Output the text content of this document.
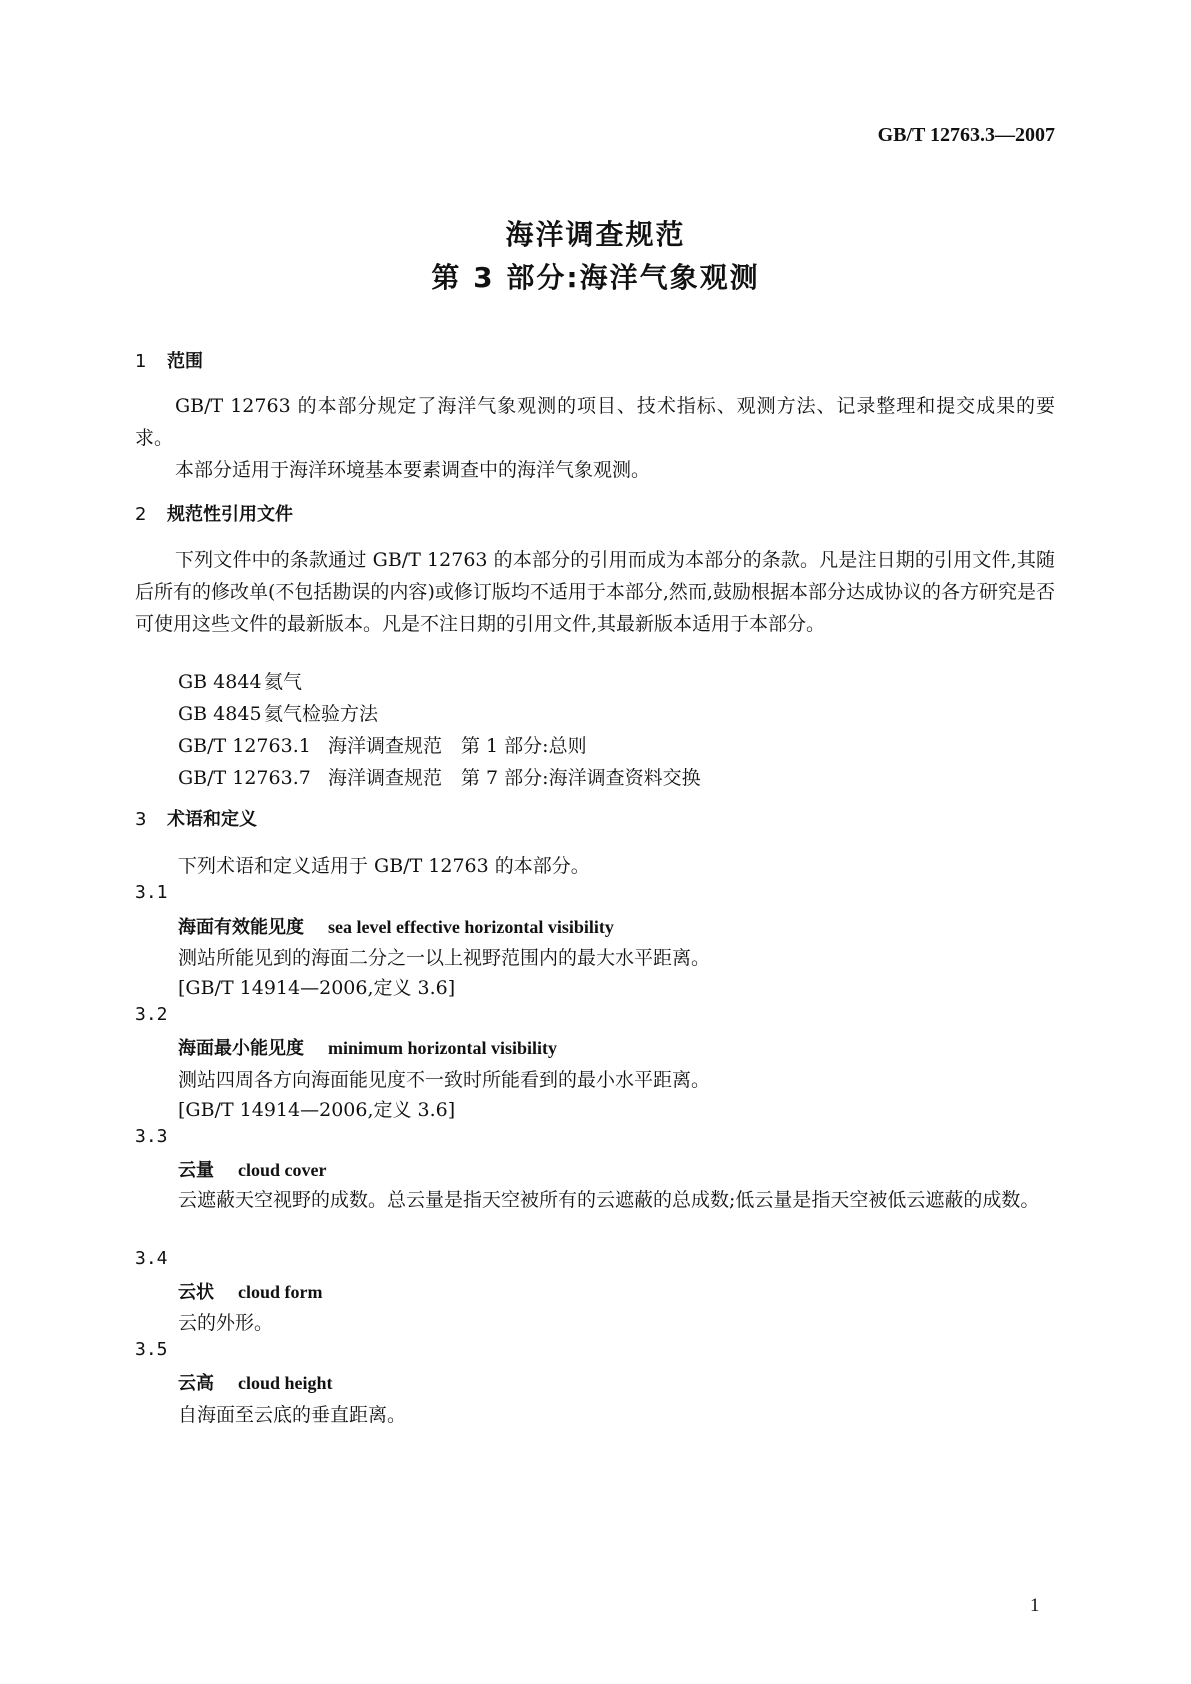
GB/T 12763.3—2007
海洋调查规范
第 3 部分:海洋气象观测
1 范围

GB/T 12763 的本部分规定了海洋气象观测的项目、技术指标、观测方法、记录整理和提交成果的要求。

本部分适用于海洋环境基本要素调查中的海洋气象观测。

2 规范性引用文件

下列文件中的条款通过 GB/T 12763 的本部分的引用而成为本部分的条款。凡是注日期的引用文件,其随后所有的修改单(不包括勘误的内容)或修订版均不适用于本部分,然而,鼓励根据本部分达成协议的各方研究是否可使用这些文件的最新版本。凡是不注日期的引用文件,其最新版本适用于本部分。

GB 4844 氦气
GB 4845 氦气检验方法
GB/T 12763.1 海洋调查规范　第 1 部分:总则
GB/T 12763.7 海洋调查规范　第 7 部分:海洋调查资料交换
3 术语和定义
下列术语和定义适用于 GB/T 12763 的本部分。
3.1
海面有效能见度 sea level effective horizontal visibility
测站所能见到的海面二分之一以上视野范围内的最大水平距离。
[GB/T 14914—2006,定义 3.6]
3.2
海面最小能见度 minimum horizontal visibility
测站四周各方向海面能见度不一致时所能看到的最小水平距离。
[GB/T 14914—2006,定义 3.6]
3.3
云量 cloud cover
云遮蔽天空视野的成数。总云量是指天空被所有的云遮蔽的总成数;低云量是指天空被低云遮蔽的成数。
3.4
云状 cloud form
云的外形。
3.5
云高 cloud height
自海面至云底的垂直距离。
1
